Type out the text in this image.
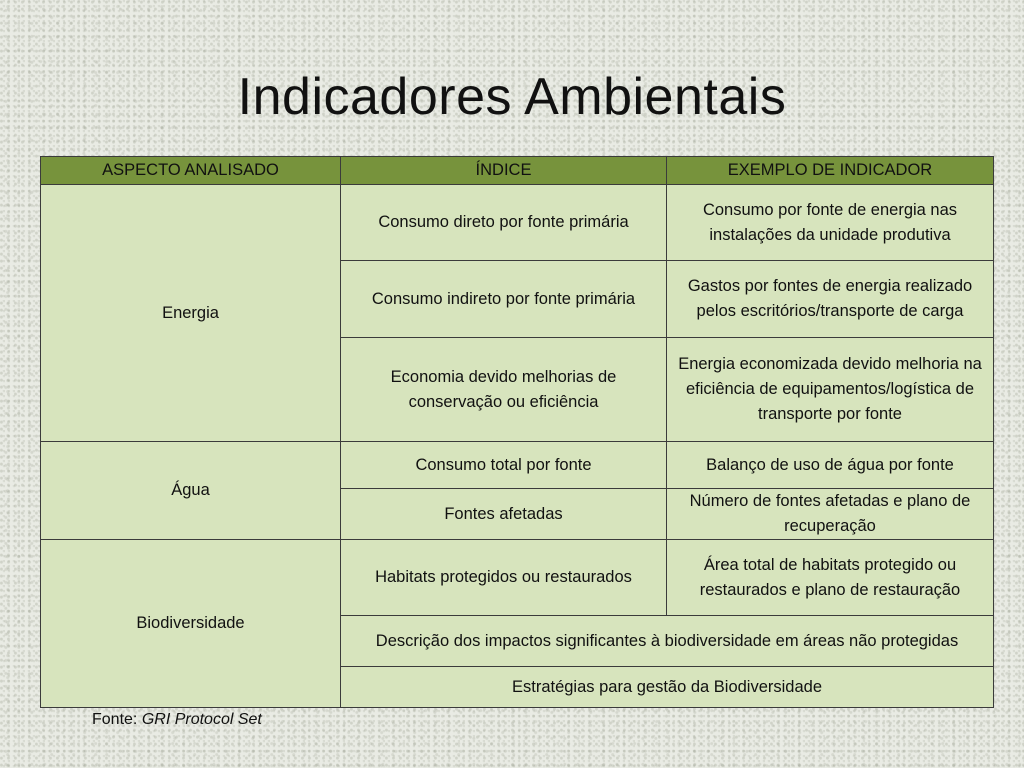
Indicadores Ambientais
ASPECTO ANALISADO	ÍNDICE	EXEMPLO DE INDICADOR
Energia	Consumo direto por fonte primária	Consumo por fonte de energia nas instalações da unidade produtiva
	Consumo indireto por fonte primária	Gastos por fontes de energia realizado pelos escritórios/transporte de carga
	Economia devido melhorias de conservação ou eficiência	Energia economizada devido melhoria na eficiência de equipamentos/logística de transporte por fonte
Água	Consumo total por fonte	Balanço de uso de água por fonte
	Fontes afetadas	Número de fontes afetadas e plano de recuperação
Biodiversidade	Habitats protegidos ou restaurados	Área total de habitats protegido ou restaurados e plano de restauração
	Descrição dos impactos significantes à biodiversidade em áreas não protegidas	
	Estratégias para gestão da Biodiversidade	
Fonte: GRI Protocol Set
